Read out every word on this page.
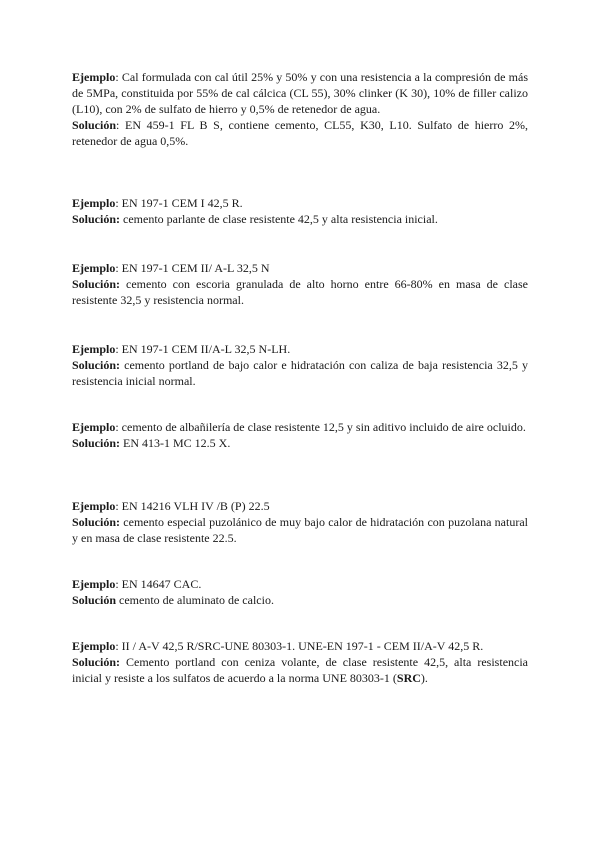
Ejemplo: Cal formulada con cal útil 25% y 50% y con una resistencia a la compresión de más de 5MPa, constituida por 55% de cal cálcica (CL 55), 30% clinker (K 30), 10% de filler calizo (L10), con 2% de sulfato de hierro y 0,5% de retenedor de agua.

Solución: EN 459-1 FL B S, contiene cemento, CL55, K30, L10. Sulfato de hierro 2%, retenedor de agua 0,5%.

Ejemplo: EN 197-1 CEM I 42,5 R.

Solución: cemento parlante de clase resistente 42,5 y alta resistencia inicial.

Ejemplo: EN 197-1 CEM II/ A-L 32,5 N

Solución: cemento con escoria granulada de alto horno entre 66-80% en masa de clase resistente 32,5 y resistencia normal.

Ejemplo: EN 197-1 CEM II/A-L 32,5 N-LH.

Solución: cemento portland de bajo calor e hidratación con caliza de baja resistencia 32,5 y resistencia inicial normal.

Ejemplo: cemento de albañilería de clase resistente 12,5 y sin aditivo incluido de aire ocluido.

Solución: EN 413-1 MC 12.5 X.

Ejemplo: EN 14216 VLH IV /B (P) 22.5

Solución: cemento especial puzolánico de muy bajo calor de hidratación con puzolana natural y en masa de clase resistente 22.5.

Ejemplo: EN 14647 CAC.

Solución cemento de aluminato de calcio.

Ejemplo: II / A-V 42,5 R/SRC-UNE 80303-1. UNE-EN 197-1 - CEM II/A-V 42,5 R.

Solución: Cemento portland con ceniza volante, de clase resistente 42,5, alta resistencia inicial y resiste a los sulfatos de acuerdo a la norma UNE 80303-1 (SRC).
